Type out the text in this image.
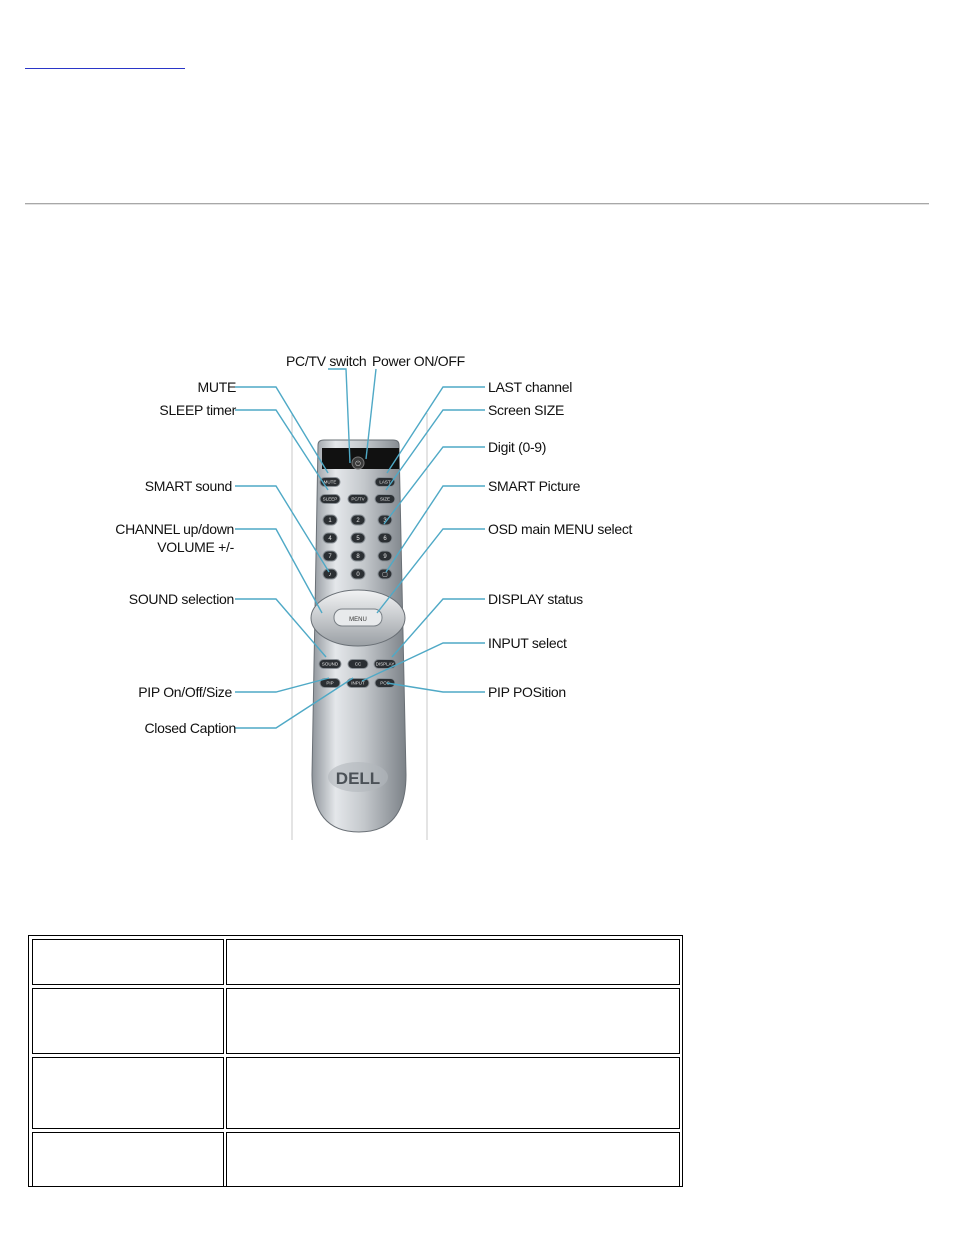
⏻
DELL
MUTE	LAST
SLEEP	PC/TV	SIZE
1	2	3
4	5	6
7	8	9
♪	0	▢
MENU
SOUND	CC	DISPLAY
PIP	INPUT	POS
PC/TV switch Power ON/OFF
MUTE
SLEEP timer
SMART sound
CHANNEL up/down
VOLUME +/-
SOUND selection
PIP On/Off/Size
Closed Caption
LAST channel
Screen SIZE
Digit (0-9)
SMART Picture
OSD main MENU select
DISPLAY status
INPUT select
PIP POSition
